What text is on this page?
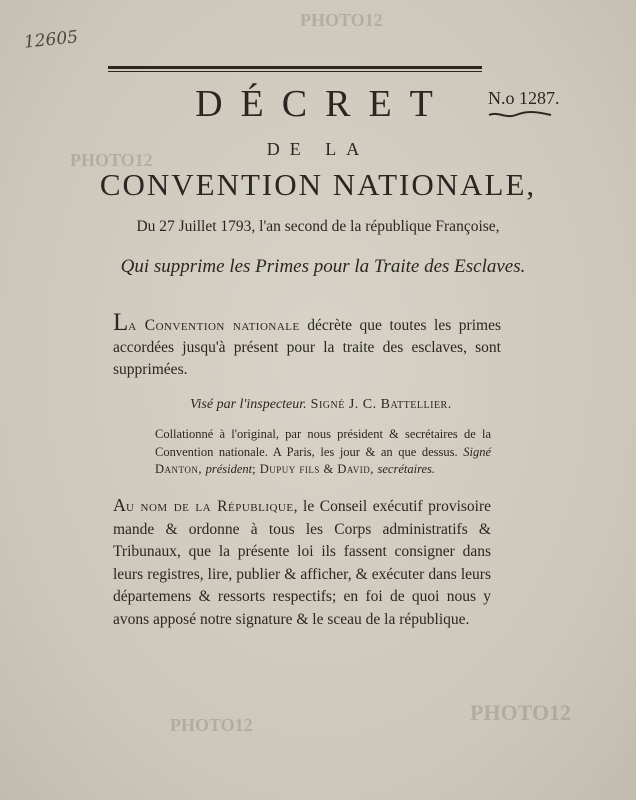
12605
DÉCRET	N.o 1287.
DE LA
CONVENTION NATIONALE,
Du 27 Juillet 1793, l'an second de la république Françoise,
Qui supprime les Primes pour la Traite des Esclaves.
La Convention nationale décrète que toutes les primes accordées jusqu'à présent pour la traite des esclaves, sont supprimées.
Visé par l'inspecteur. Signé J. C. Battellier.
Collationné à l'original, par nous président & secrétaires de la Convention nationale. A Paris, les jour & an que dessus. Signé Danton, président; Dupuy fils & David, secrétaires.
Au nom de la République, le Conseil exécutif provisoire mande & ordonne à tous les Corps administratifs & Tribunaux, que la présente loi ils fassent consigner dans leurs registres, lire, publier & afficher, & exécuter dans leurs départemens & ressorts respectifs; en foi de quoi nous y avons apposé notre signature & le sceau de la république.
PHOTO12
PHOTO12
PHOTO12
PHOTO12
